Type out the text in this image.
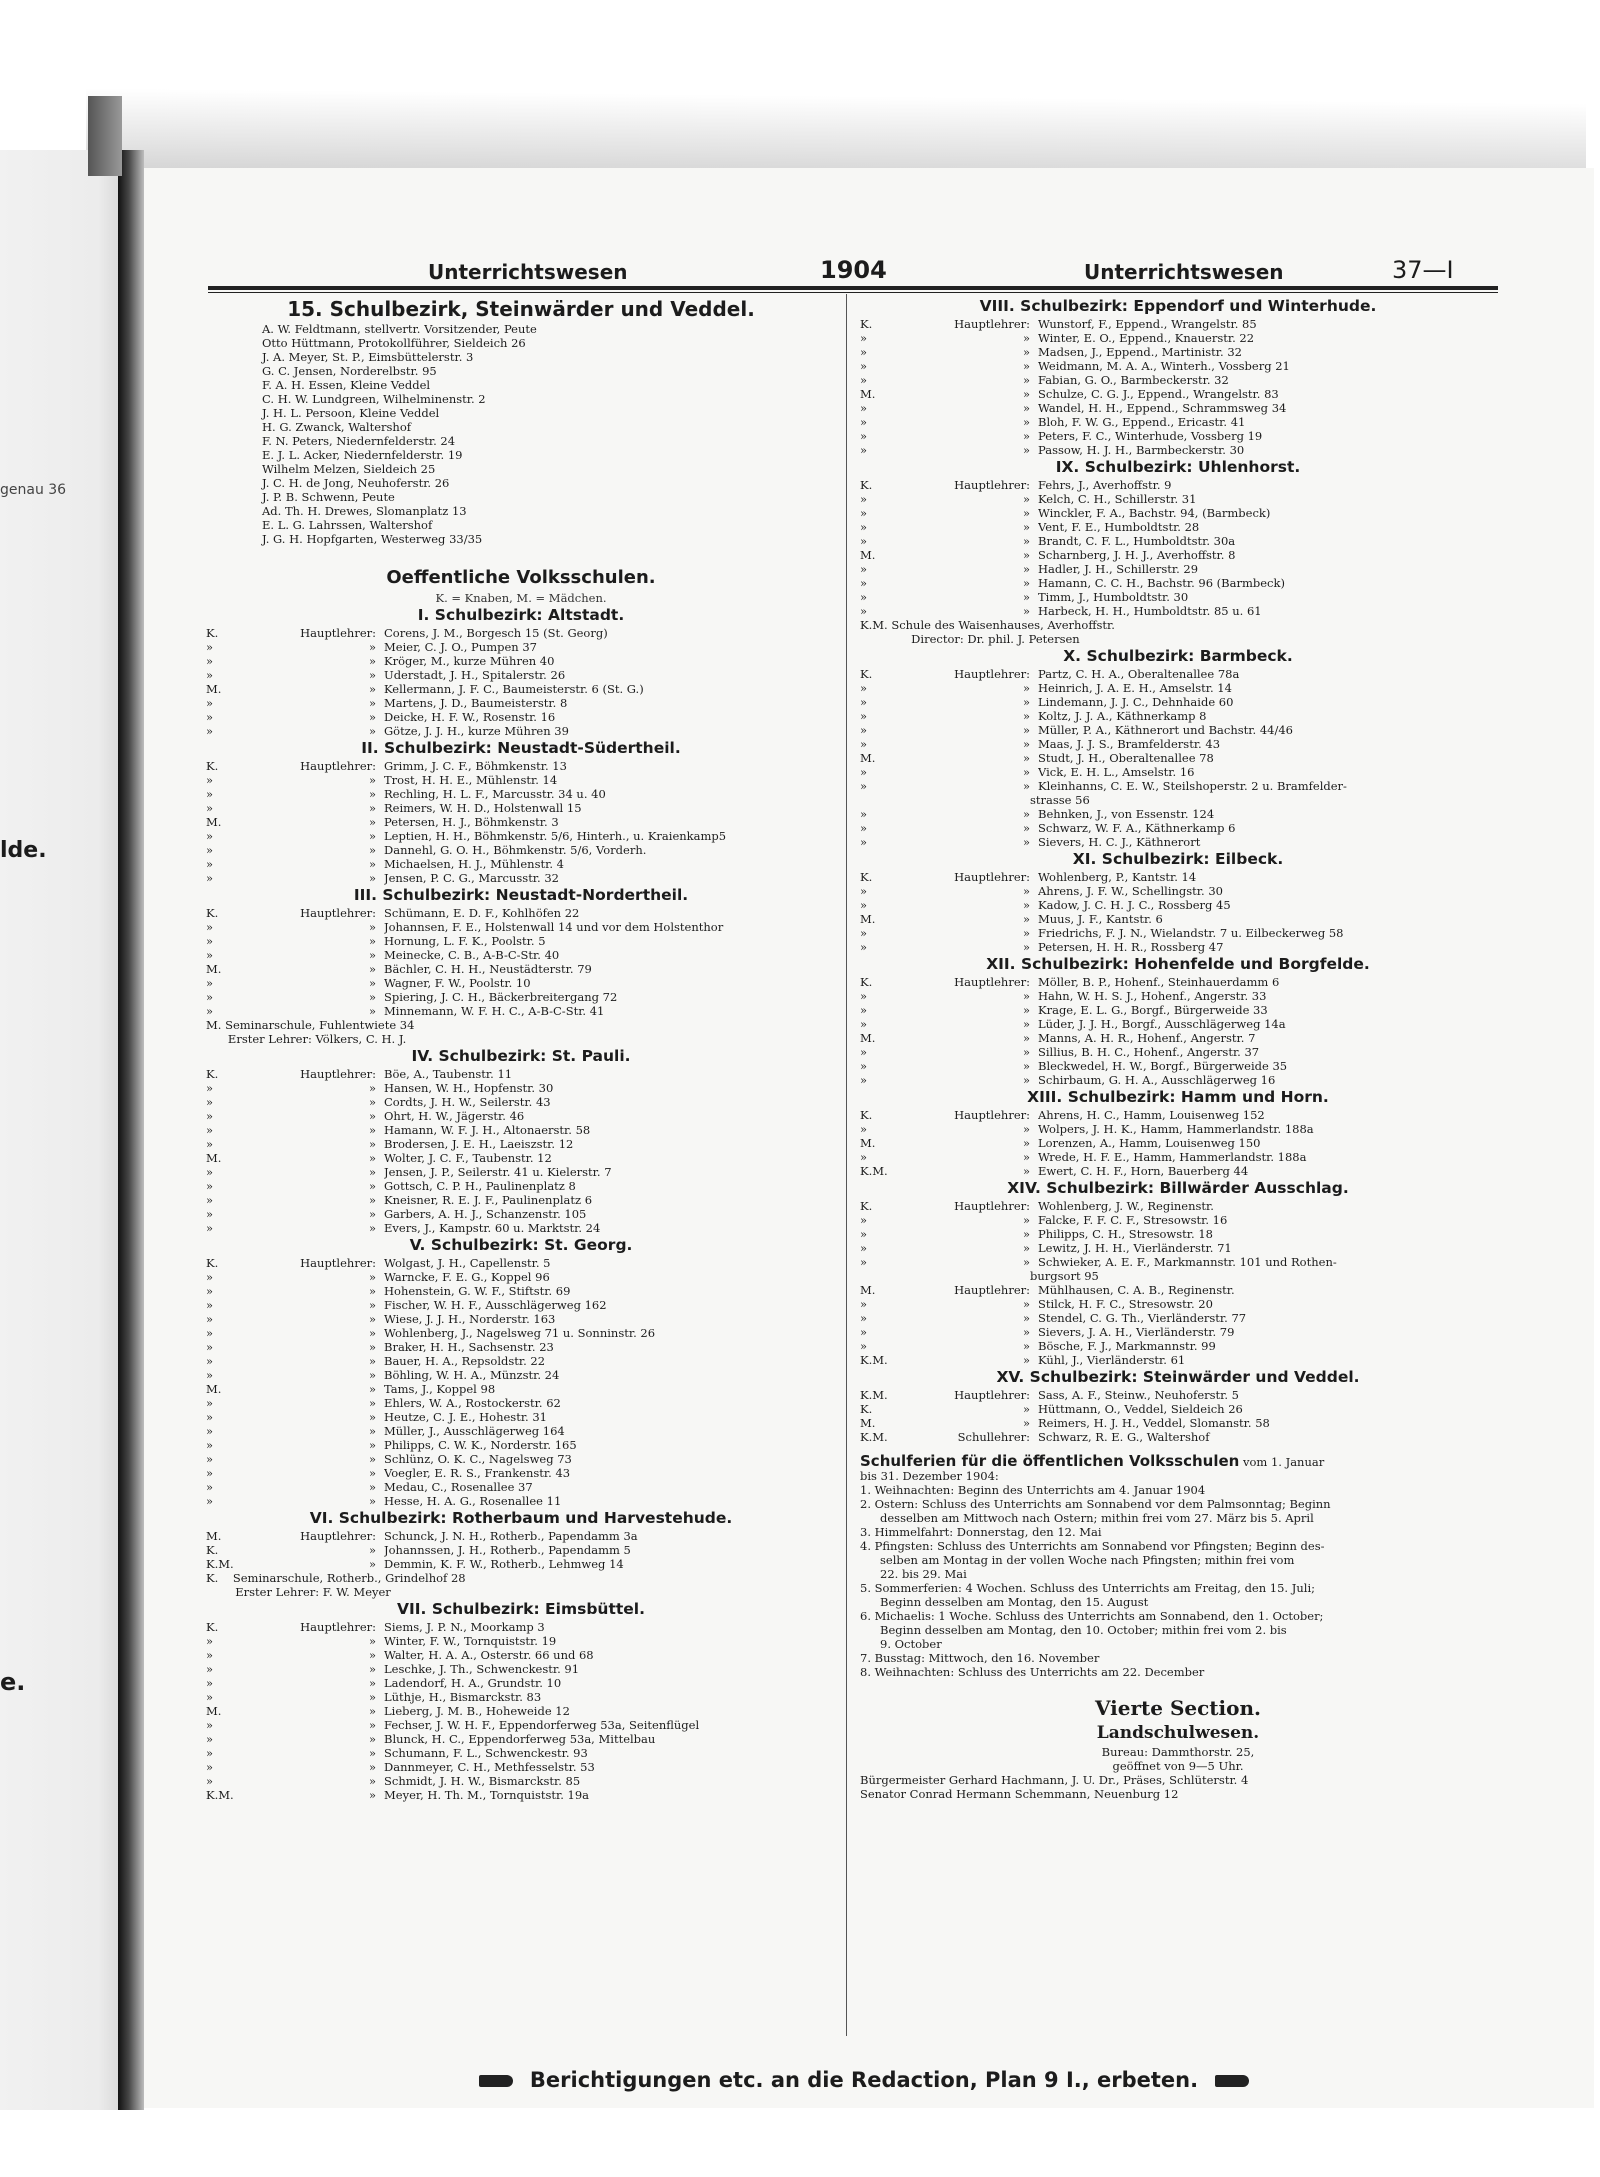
genau 36
lde.
e.
Unterrichtswesen	1904	Unterrichtswesen	37—I
15. Schulbezirk, Steinwärder und Veddel.
A. W. Feldtmann, stellvertr. Vorsitzender, Peute
Otto Hüttmann, Protokollführer, Sieldeich 26
J. A. Meyer, St. P., Eimsbüttelerstr. 3
G. C. Jensen, Norderelbstr. 95
F. A. H. Essen, Kleine Veddel
C. H. W. Lundgreen, Wilhelminenstr. 2
J. H. L. Persoon, Kleine Veddel
H. G. Zwanck, Waltershof
F. N. Peters, Niedernfelderstr. 24
E. J. L. Acker, Niedernfelderstr. 19
Wilhelm Melzen, Sieldeich 25
J. C. H. de Jong, Neuhoferstr. 26
J. P. B. Schwenn, Peute
Ad. Th. H. Drewes, Slomanplatz 13
E. L. G. Lahrssen, Waltershof
J. G. H. Hopfgarten, Westerweg 33/35
Oeffentliche Volksschulen.
K. = Knaben, M. = Mädchen.
I. Schulbezirk: Altstadt.
K.	Hauptlehrer: Corens, J. M., Borgesch 15 (St. Georg)
»	» Meier, C. J. O., Pumpen 37
»	» Kröger, M., kurze Mühren 40
»	» Uderstadt, J. H., Spitalerstr. 26
M.	» Kellermann, J. F. C., Baumeisterstr. 6 (St. G.)
»	» Martens, J. D., Baumeisterstr. 8
»	» Deicke, H. F. W., Rosenstr. 16
»	» Götze, J. J. H., kurze Mühren 39
II. Schulbezirk: Neustadt-Südertheil.
K.	Hauptlehrer: Grimm, J. C. F., Böhmkenstr. 13
»	» Trost, H. H. E., Mühlenstr. 14
»	» Rechling, H. L. F., Marcusstr. 34 u. 40
»	» Reimers, W. H. D., Holstenwall 15
M.	» Petersen, H. J., Böhmkenstr. 3
»	» Leptien, H. H., Böhmkenstr. 5/6, Hinterh., u. Kraienkamp5
»	» Dannehl, G. O. H., Böhmkenstr. 5/6, Vorderh.
»	» Michaelsen, H. J., Mühlenstr. 4
»	» Jensen, P. C. G., Marcusstr. 32
III. Schulbezirk: Neustadt-Nordertheil.
K.	Hauptlehrer: Schümann, E. D. F., Kohlhöfen 22
»	» Johannsen, F. E., Holstenwall 14 und vor dem Holstenthor
»	» Hornung, L. F. K., Poolstr. 5
»	» Meinecke, C. B., A-B-C-Str. 40
M.	» Bächler, C. H. H., Neustädterstr. 79
»	» Wagner, F. W., Poolstr. 10
»	» Spiering, J. C. H., Bäckerbreitergang 72
»	» Minnemann, W. F. H. C., A-B-C-Str. 41
M. Seminarschule, Fuhlentwiete 34
Erster Lehrer: Völkers, C. H. J.
IV. Schulbezirk: St. Pauli.
K.	Hauptlehrer: Böe, A., Taubenstr. 11
»	» Hansen, W. H., Hopfenstr. 30
»	» Cordts, J. H. W., Seilerstr. 43
»	» Ohrt, H. W., Jägerstr. 46
»	» Hamann, W. F. J. H., Altonaerstr. 58
»	» Brodersen, J. E. H., Laeiszstr. 12
M.	» Wolter, J. C. F., Taubenstr. 12
»	» Jensen, J. P., Seilerstr. 41 u. Kielerstr. 7
»	» Gottsch, C. P. H., Paulinenplatz 8
»	» Kneisner, R. E. J. F., Paulinenplatz 6
»	» Garbers, A. H. J., Schanzenstr. 105
»	» Evers, J., Kampstr. 60 u. Marktstr. 24
V. Schulbezirk: St. Georg.
K.	Hauptlehrer: Wolgast, J. H., Capellenstr. 5
»	» Warncke, F. E. G., Koppel 96
»	» Hohenstein, G. W. F., Stiftstr. 69
»	» Fischer, W. H. F., Ausschlägerweg 162
»	» Wiese, J. J. H., Norderstr. 163
»	» Wohlenberg, J., Nagelsweg 71 u. Sonninstr. 26
»	» Braker, H. H., Sachsenstr. 23
»	» Bauer, H. A., Repsoldstr. 22
»	» Böhling, W. H. A., Münzstr. 24
M.	» Tams, J., Koppel 98
»	» Ehlers, W. A., Rostockerstr. 62
»	» Heutze, C. J. E., Hohestr. 31
»	» Müller, J., Ausschlägerweg 164
»	» Philipps, C. W. K., Norderstr. 165
»	» Schlünz, O. K. C., Nagelsweg 73
»	» Voegler, E. R. S., Frankenstr. 43
»	» Medau, C., Rosenallee 37
»	» Hesse, H. A. G., Rosenallee 11
VI. Schulbezirk: Rotherbaum und Harvestehude.
M.	Hauptlehrer: Schunck, J. N. H., Rotherb., Papendamm 3a
K.	» Johannssen, J. H., Rotherb., Papendamm 5
K.M.	» Demmin, K. F. W., Rotherb., Lehmweg 14
K.    Seminarschule, Rotherb., Grindelhof 28
Erster Lehrer: F. W. Meyer
VII. Schulbezirk: Eimsbüttel.
K.	Hauptlehrer: Siems, J. P. N., Moorkamp 3
»	» Winter, F. W., Tornquiststr. 19
»	» Walter, H. A. A., Osterstr. 66 und 68
»	» Leschke, J. Th., Schwenckestr. 91
»	» Ladendorf, H. A., Grundstr. 10
»	» Lüthje, H., Bismarckstr. 83
M.	» Lieberg, J. M. B., Hoheweide 12
»	» Fechser, J. W. H. F., Eppendorferweg 53a, Seitenflügel
»	» Blunck, H. C., Eppendorferweg 53a, Mittelbau
»	» Schumann, F. L., Schwenckestr. 93
»	» Dannmeyer, C. H., Methfesselstr. 53
»	» Schmidt, J. H. W., Bismarckstr. 85
K.M.	» Meyer, H. Th. M., Tornquiststr. 19a
VIII. Schulbezirk: Eppendorf und Winterhude.
K.	Hauptlehrer: Wunstorf, F., Eppend., Wrangelstr. 85
»	» Winter, E. O., Eppend., Knauerstr. 22
»	» Madsen, J., Eppend., Martinistr. 32
»	» Weidmann, M. A. A., Winterh., Vossberg 21
»	» Fabian, G. O., Barmbeckerstr. 32
M.	» Schulze, C. G. J., Eppend., Wrangelstr. 83
»	» Wandel, H. H., Eppend., Schrammsweg 34
»	» Bloh, F. W. G., Eppend., Ericastr. 41
»	» Peters, F. C., Winterhude, Vossberg 19
»	» Passow, H. J. H., Barmbeckerstr. 30
IX. Schulbezirk: Uhlenhorst.
K.	Hauptlehrer: Fehrs, J., Averhoffstr. 9
»	» Kelch, C. H., Schillerstr. 31
»	» Winckler, F. A., Bachstr. 94, (Barmbeck)
»	» Vent, F. E., Humboldtstr. 28
»	» Brandt, C. F. L., Humboldtstr. 30a
M.	» Scharnberg, J. H. J., Averhoffstr. 8
»	» Hadler, J. H., Schillerstr. 29
»	» Hamann, C. C. H., Bachstr. 96 (Barmbeck)
»	» Timm, J., Humboldtstr. 30
»	» Harbeck, H. H., Humboldtstr. 85 u. 61
K.M. Schule des Waisenhauses, Averhoffstr.
Director: Dr. phil. J. Petersen
X. Schulbezirk: Barmbeck.
K.	Hauptlehrer: Partz, C. H. A., Oberaltenallee 78a
»	» Heinrich, J. A. E. H., Amselstr. 14
»	» Lindemann, J. J. C., Dehnhaide 60
»	» Koltz, J. J. A., Käthnerkamp 8
»	» Müller, P. A., Käthnerort und Bachstr. 44/46
»	» Maas, J. J. S., Bramfelderstr. 43
M.	» Studt, J. H., Oberaltenallee 78
»	» Vick, E. H. L., Amselstr. 16
»	» Kleinhanns, C. E. W., Steilshoperstr. 2 u. Bramfelder-
strasse 56
»	» Behnken, J., von Essenstr. 124
»	» Schwarz, W. F. A., Käthnerkamp 6
»	» Sievers, H. C. J., Käthnerort
XI. Schulbezirk: Eilbeck.
K.	Hauptlehrer: Wohlenberg, P., Kantstr. 14
»	» Ahrens, J. F. W., Schellingstr. 30
»	» Kadow, J. C. H. J. C., Rossberg 45
M.	» Muus, J. F., Kantstr. 6
»	» Friedrichs, F. J. N., Wielandstr. 7 u. Eilbeckerweg 58
»	» Petersen, H. H. R., Rossberg 47
XII. Schulbezirk: Hohenfelde und Borgfelde.
K.	Hauptlehrer: Möller, B. P., Hohenf., Steinhauerdamm 6
»	» Hahn, W. H. S. J., Hohenf., Angerstr. 33
»	» Krage, E. L. G., Borgf., Bürgerweide 33
»	» Lüder, J. J. H., Borgf., Ausschlägerweg 14a
M.	» Manns, A. H. R., Hohenf., Angerstr. 7
»	» Sillius, B. H. C., Hohenf., Angerstr. 37
»	» Bleckwedel, H. W., Borgf., Bürgerweide 35
»	» Schirbaum, G. H. A., Ausschlägerweg 16
XIII. Schulbezirk: Hamm und Horn.
K.	Hauptlehrer: Ahrens, H. C., Hamm, Louisenweg 152
»	» Wolpers, J. H. K., Hamm, Hammerlandstr. 188a
M.	» Lorenzen, A., Hamm, Louisenweg 150
»	» Wrede, H. F. E., Hamm, Hammerlandstr. 188a
K.M.	» Ewert, C. H. F., Horn, Bauerberg 44
XIV. Schulbezirk: Billwärder Ausschlag.
K.	Hauptlehrer: Wohlenberg, J. W., Reginenstr.
»	» Falcke, F. F. C. F., Stresowstr. 16
»	» Philipps, C. H., Stresowstr. 18
»	» Lewitz, J. H. H., Vierländerstr. 71
»	» Schwieker, A. E. F., Markmannstr. 101 und Rothen-
burgsort 95
M.	Hauptlehrer: Mühlhausen, C. A. B., Reginenstr.
»	» Stilck, H. F. C., Stresowstr. 20
»	» Stendel, C. G. Th., Vierländerstr. 77
»	» Sievers, J. A. H., Vierländerstr. 79
»	» Bösche, F. J., Markmannstr. 99
K.M.	» Kühl, J., Vierländerstr. 61
XV. Schulbezirk: Steinwärder und Veddel.
K.M.	Hauptlehrer: Sass, A. F., Steinw., Neuhoferstr. 5
K.	» Hüttmann, O., Veddel, Sieldeich 26
M.	» Reimers, H. J. H., Veddel, Slomanstr. 58
K.M.	Schullehrer: Schwarz, R. E. G., Waltershof
Schulferien für die öffentlichen Volksschulen vom 1. Januar
bis 31. Dezember 1904:
1. Weihnachten: Beginn des Unterrichts am 4. Januar 1904
2. Ostern: Schluss des Unterrichts am Sonnabend vor dem Palmsonntag; Beginn
desselben am Mittwoch nach Ostern; mithin frei vom 27. März bis 5. April
3. Himmelfahrt: Donnerstag, den 12. Mai
4. Pfingsten: Schluss des Unterrichts am Sonnabend vor Pfingsten; Beginn des-
selben am Montag in der vollen Woche nach Pfingsten; mithin frei vom
22. bis 29. Mai
5. Sommerferien: 4 Wochen. Schluss des Unterrichts am Freitag, den 15. Juli;
Beginn desselben am Montag, den 15. August
6. Michaelis: 1 Woche. Schluss des Unterrichts am Sonnabend, den 1. October;
Beginn desselben am Montag, den 10. October; mithin frei vom 2. bis
9. October
7. Busstag: Mittwoch, den 16. November
8. Weihnachten: Schluss des Unterrichts am 22. December
Vierte Section.
Landschulwesen.
Bureau: Dammthorstr. 25,
geöffnet von 9—5 Uhr.
Bürgermeister Gerhard Hachmann, J. U. Dr., Präses, Schlüterstr. 4
Senator Conrad Hermann Schemmann, Neuenburg 12
Berichtigungen etc. an die Redaction, Plan 9 I., erbeten.
